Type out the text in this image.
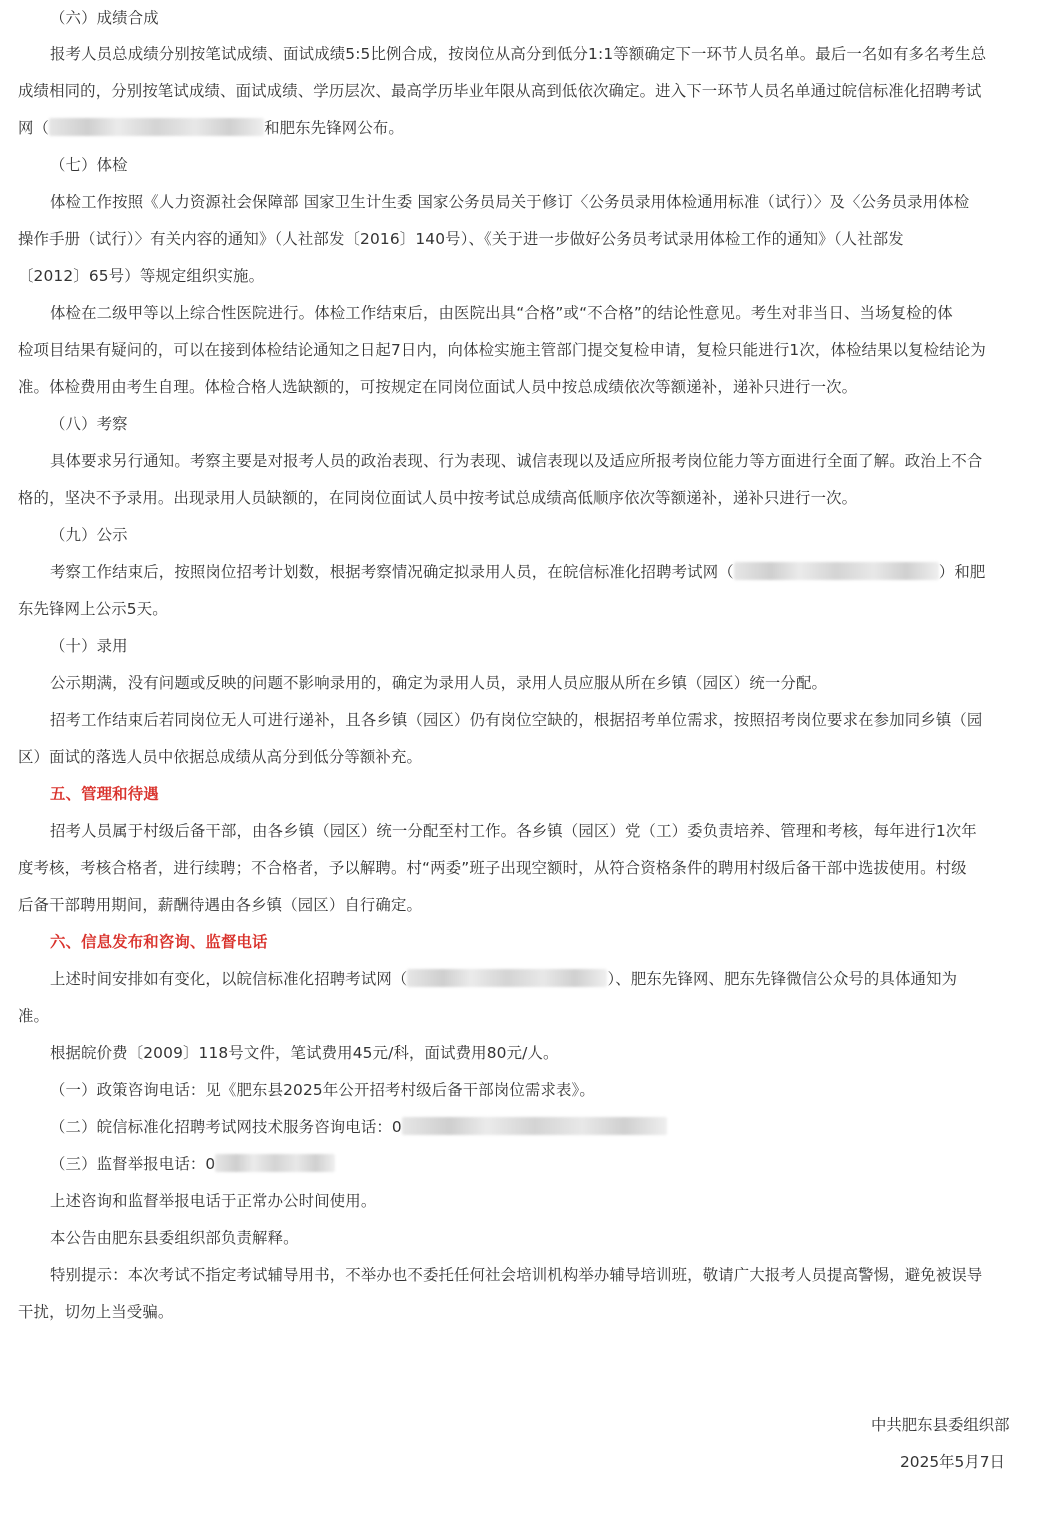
（六）成绩合成
报考人员总成绩分别按笔试成绩、面试成绩5:5比例合成，按岗位从高分到低分1:1等额确定下一环节人员名单。最后一名如有多名考生总
成绩相同的，分别按笔试成绩、面试成绩、学历层次、最高学历毕业年限从高到低依次确定。进入下一环节人员名单通过皖信标准化招聘考试
网（	和肥东先锋网公布。
（七）体检
体检工作按照《人力资源社会保障部 国家卫生计生委 国家公务员局关于修订〈公务员录用体检通用标准（试行）〉及〈公务员录用体检
操作手册（试行）〉有关内容的通知》（人社部发〔2016〕140号）、《关于进一步做好公务员考试录用体检工作的通知》（人社部发
〔2012〕65号）等规定组织实施。
体检在二级甲等以上综合性医院进行。体检工作结束后，由医院出具“合格”或“不合格”的结论性意见。考生对非当日、当场复检的体
检项目结果有疑问的，可以在接到体检结论通知之日起7日内，向体检实施主管部门提交复检申请，复检只能进行1次，体检结果以复检结论为
准。体检费用由考生自理。体检合格人选缺额的，可按规定在同岗位面试人员中按总成绩依次等额递补，递补只进行一次。
（八）考察
具体要求另行通知。考察主要是对报考人员的政治表现、行为表现、诚信表现以及适应所报考岗位能力等方面进行全面了解。政治上不合
格的，坚决不予录用。出现录用人员缺额的，在同岗位面试人员中按考试总成绩高低顺序依次等额递补，递补只进行一次。
（九）公示
考察工作结束后，按照岗位招考计划数，根据考察情况确定拟录用人员，在皖信标准化招聘考试网（	）和肥
东先锋网上公示5天。
（十）录用
公示期满，没有问题或反映的问题不影响录用的，确定为录用人员，录用人员应服从所在乡镇（园区）统一分配。
招考工作结束后若同岗位无人可进行递补，且各乡镇（园区）仍有岗位空缺的，根据招考单位需求，按照招考岗位要求在参加同乡镇（园
区）面试的落选人员中依据总成绩从高分到低分等额补充。
五、管理和待遇
招考人员属于村级后备干部，由各乡镇（园区）统一分配至村工作。各乡镇（园区）党（工）委负责培养、管理和考核，每年进行1次年
度考核，考核合格者，进行续聘；不合格者，予以解聘。村“两委”班子出现空额时，从符合资格条件的聘用村级后备干部中选拔使用。村级
后备干部聘用期间，薪酬待遇由各乡镇（园区）自行确定。
六、信息发布和咨询、监督电话
上述时间安排如有变化，以皖信标准化招聘考试网（	）、肥东先锋网、肥东先锋微信公众号的具体通知为
准。
根据皖价费〔2009〕118号文件，笔试费用45元/科，面试费用80元/人。
（一）政策咨询电话：见《肥东县2025年公开招考村级后备干部岗位需求表》。
（二）皖信标准化招聘考试网技术服务咨询电话：0
（三）监督举报电话：0
上述咨询和监督举报电话于正常办公时间使用。
本公告由肥东县委组织部负责解释。
特别提示：本次考试不指定考试辅导用书，不举办也不委托任何社会培训机构举办辅导培训班，敬请广大报考人员提高警惕，避免被误导
干扰，切勿上当受骗。
中共肥东县委组织部
2025年5月7日
